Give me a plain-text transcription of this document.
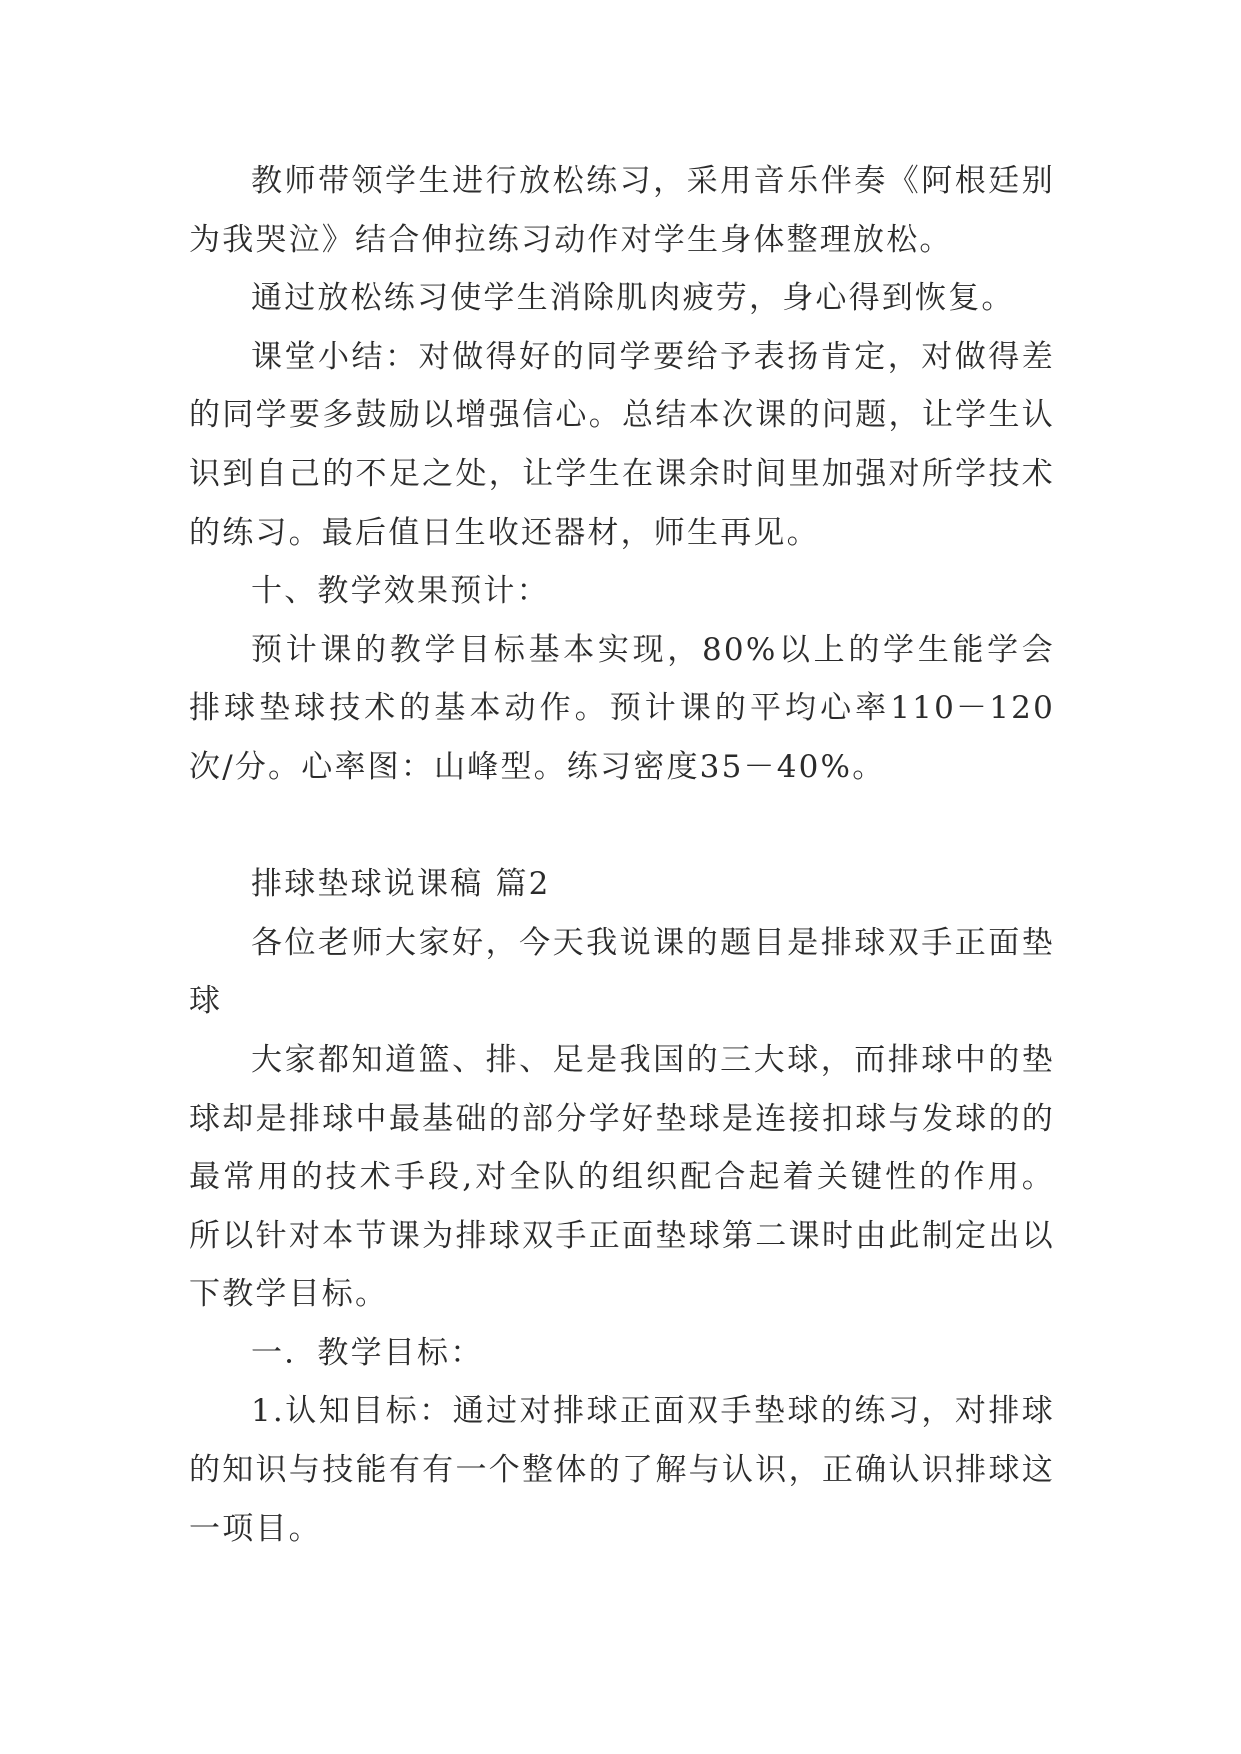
教师带领学生进行放松练习，采用音乐伴奏《阿根廷别为我哭泣》结合伸拉练习动作对学生身体整理放松。

通过放松练习使学生消除肌肉疲劳，身心得到恢复。

课堂小结：对做得好的同学要给予表扬肯定，对做得差的同学要多鼓励以增强信心。总结本次课的问题，让学生认识到自己的不足之处，让学生在课余时间里加强对所学技术的练习。最后值日生收还器材，师生再见。

十、教学效果预计：

预计课的教学目标基本实现，80%以上的学生能学会排球垫球技术的基本动作。预计课的平均心率110－120次/分。心率图：山峰型。练习密度35－40%。

排球垫球说课稿 篇2

各位老师大家好，今天我说课的题目是排球双手正面垫球

大家都知道篮、排、足是我国的三大球，而排球中的垫球却是排球中最基础的部分学好垫球是连接扣球与发球的的最常用的技术手段,对全队的组织配合起着关键性的作用。所以针对本节课为排球双手正面垫球第二课时由此制定出以下教学目标。

一．教学目标：

1.认知目标：通过对排球正面双手垫球的练习，对排球的知识与技能有有一个整体的了解与认识，正确认识排球这一项目。
